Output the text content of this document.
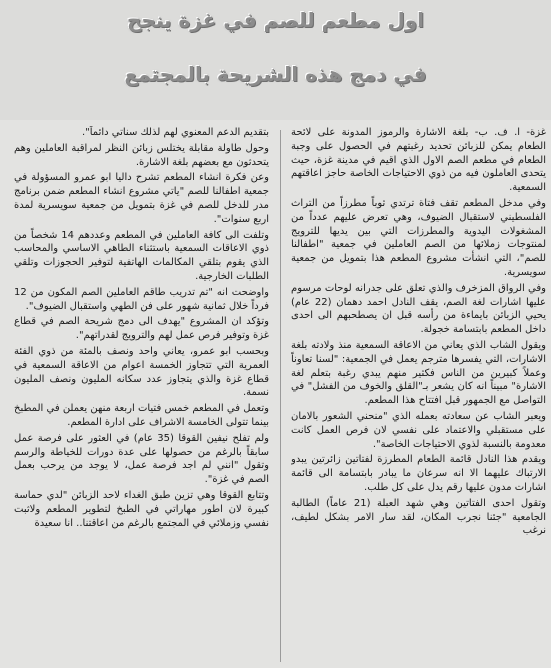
اول مطعم للصم في غزة ينجح
في دمج هذه الشريحة بالمجتمع

غزة- ا. ف. ب- بلغة الاشارة والرموز المدونة على لائحة الطعام يمكن للزبائن تحديد رغبتهم في الحصول على وجبة الطعام في مطعم الصم الاول الذي اقيم في مدينة غزة، حيث يتحدى العاملون فيه من ذوي الاحتياجات الخاصة حاجز اعاقتهم السمعية.

وفي مدخل المطعم تقف فتاة ترتدي ثوباً مطرزاً من التراث الفلسطيني لاستقبال الضيوف، وهي تعرض عليهم عدداً من المشغولات اليدوية والمطرزات التي بين يديها للترويج لمنتوجات زملائها من الصم العاملين في جمعية "اطفالنا للصم"، التي انشأت مشروع المطعم هذا بتمويل من جمعية سويسرية.

وفي الرواق المزخرف والذي تعلق على جدرانه لوحات مرسوم عليها اشارات لغة الصم، يقف النادل احمد دهمان (22 عام) يحيي الزبائن بايماءة من رأسه قبل ان يصطحبهم الى احدى داخل المطعم بابتسامة خجولة.

ويقول الشاب الذي يعاني من الاعاقة السمعية منذ ولادته بلغة الاشارات، التي يفسرها مترجم يعمل في الجمعية: "لسنا تعاوناً وعملاً كبيرين من الناس فكثير منهم يبدي رغبة بتعلم لغة الاشارة" مبيناً انه كان يشعر بـ"القلق والخوف من الفشل" في التواصل مع الجمهور قبل افتتاح هذا المطعم.

ويعبر الشاب عن سعادته بعمله الذي "منحني الشعور بالامان على مستقبلي والاعتماد على نفسي لان فرص العمل كانت معدومة بالنسبة لذوي الاحتياجات الخاصة".

ويقدم هذا النادل قائمة الطعام المطرزة لفتاتين زائرتين يبدو الارتباك عليهما الا انه سرعان ما يبادر بابتسامة الى قائمة اشارات مدون عليها رقم يدل على كل طلب.

وتقول احدى الفتاتين وهي شهد العبلة (21 عاماً) الطالبة الجامعية "جئنا نجرب المكان، لقد سار الامر بشكل لطيف، نرغب

بتقديم الدعم المعنوي لهم لذلك سناتي دائماً".

وحول طاولة مقابلة يختلس زبائن النظر لمراقبة العاملين وهم يتحدثون مع بعضهم بلغة الاشارة.

وعن فكرة انشاء المطعم تشرح داليا ابو عمرو المسؤولة في جمعية اطفالنا للصم "ياتي مشروع انشاء المطعم ضمن برنامج مدر للدخل للصم في غزة بتمويل من جمعية سويسرية لمدة اربع سنوات".

وتلفت الى كافة العاملين في المطعم وعددهم 14 شخصاً من ذوي الاعاقات السمعية باستثناء الطاهي الاساسي والمحاسب الذي يقوم بتلقي المكالمات الهاتفية لتوفير الحجوزات وتلقي الطلبات الخارجية.

واوضحت انه "تم تدريب طاقم العاملين الصم المكون من 12 فرداً خلال ثمانية شهور على فن الطهي واستقبال الضيوف".

وتؤكد ان المشروع "يهدف الى دمج شريحة الصم في قطاع غزة وتوفير فرص عمل لهم والترويج لقدراتهم".

وبحسب ابو عمرو، يعاني واحد ونصف بالمئة من ذوي الفئة العمرية التي تتجاوز الخمسة اعوام من الاعاقة السمعية في قطاع غزة والذي يتجاوز عدد سكانه المليون ونصف المليون نسمة.

وتعمل في المطعم خمس فتيات اربعة منهن يعملن في المطبخ بينما تتولى الخامسة الاشراف على ادارة المطعم.

ولم تفلح نيفين القوقا (35 عام) في العثور على فرصة عمل سابقاً بالرغم من حصولها على عدة دورات للخياطة والرسم وتقول "انني لم اجد فرصة عمل، لا يوجد من يرحب بعمل الصم في غزة".

وتتابع القوقا وهي تزين طبق الغداء لاحد الزبائن "لدي حماسة كبيرة لان اطور مهاراتي في الطبخ لتطوير المطعم ولاثبت نفسي وزملائي في المجتمع بالرغم من اعاقتنا.. انا سعيدة
